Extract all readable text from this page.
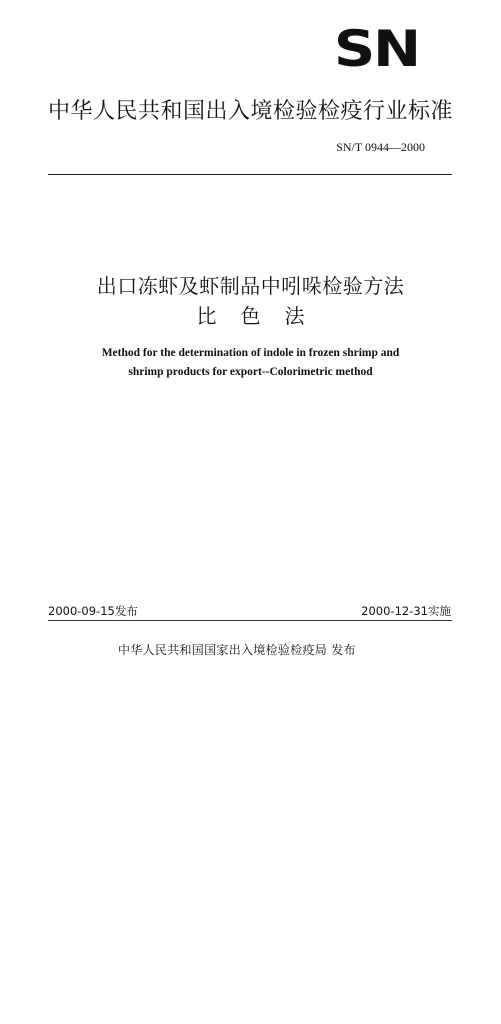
SN
中华人民共和国出入境检验检疫行业标准
SN/T 0944—2000
出口冻虾及虾制品中吲哚检验方法
比色法
Method for the determination of indole in frozen shrimp and
shrimp products for export--Colorimetric method
2000-09-15发布	2000-12-31实施
中华人民共和国国家出入境检验检疫局 发布
